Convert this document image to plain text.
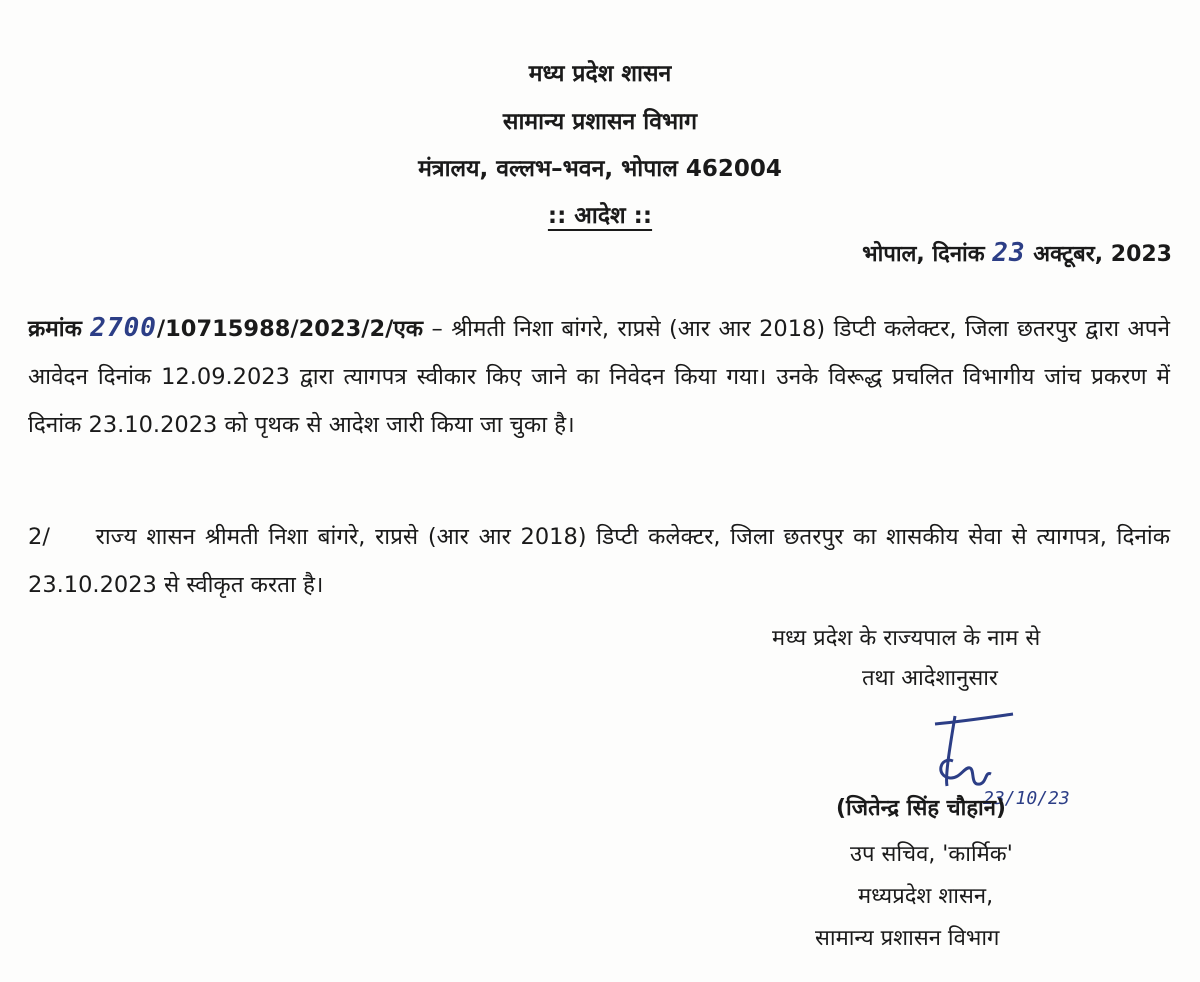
मध्य प्रदेश शासन
सामान्य प्रशासन विभाग
मंत्रालय, वल्लभ–भवन, भोपाल 462004
:: आदेश ::
भोपाल, दिनांक 23 अक्टूबर, 2023
क्रमांक 2700/10715988/2023/2/एक – श्रीमती निशा बांगरे, राप्रसे (आर आर 2018) डिप्टी कलेक्टर, जिला छतरपुर द्वारा अपने आवेदन दिनांक 12.09.2023 द्वारा त्यागपत्र स्वीकार किए जाने का निवेदन किया गया। उनके विरूद्ध प्रचलित विभागीय जांच प्रकरण में दिनांक 23.10.2023 को पृथक से आदेश जारी किया जा चुका है।
2/ राज्य शासन श्रीमती निशा बांगरे, राप्रसे (आर आर 2018) डिप्टी कलेक्टर, जिला छतरपुर का शासकीय सेवा से त्यागपत्र, दिनांक 23.10.2023 से स्वीकृत करता है।
मध्य प्रदेश के राज्यपाल के नाम से
तथा आदेशानुसार
23/10/23
(जितेन्द्र सिंह चौहान)
उप सचिव, 'कार्मिक'
मध्यप्रदेश शासन,
सामान्य प्रशासन विभाग
